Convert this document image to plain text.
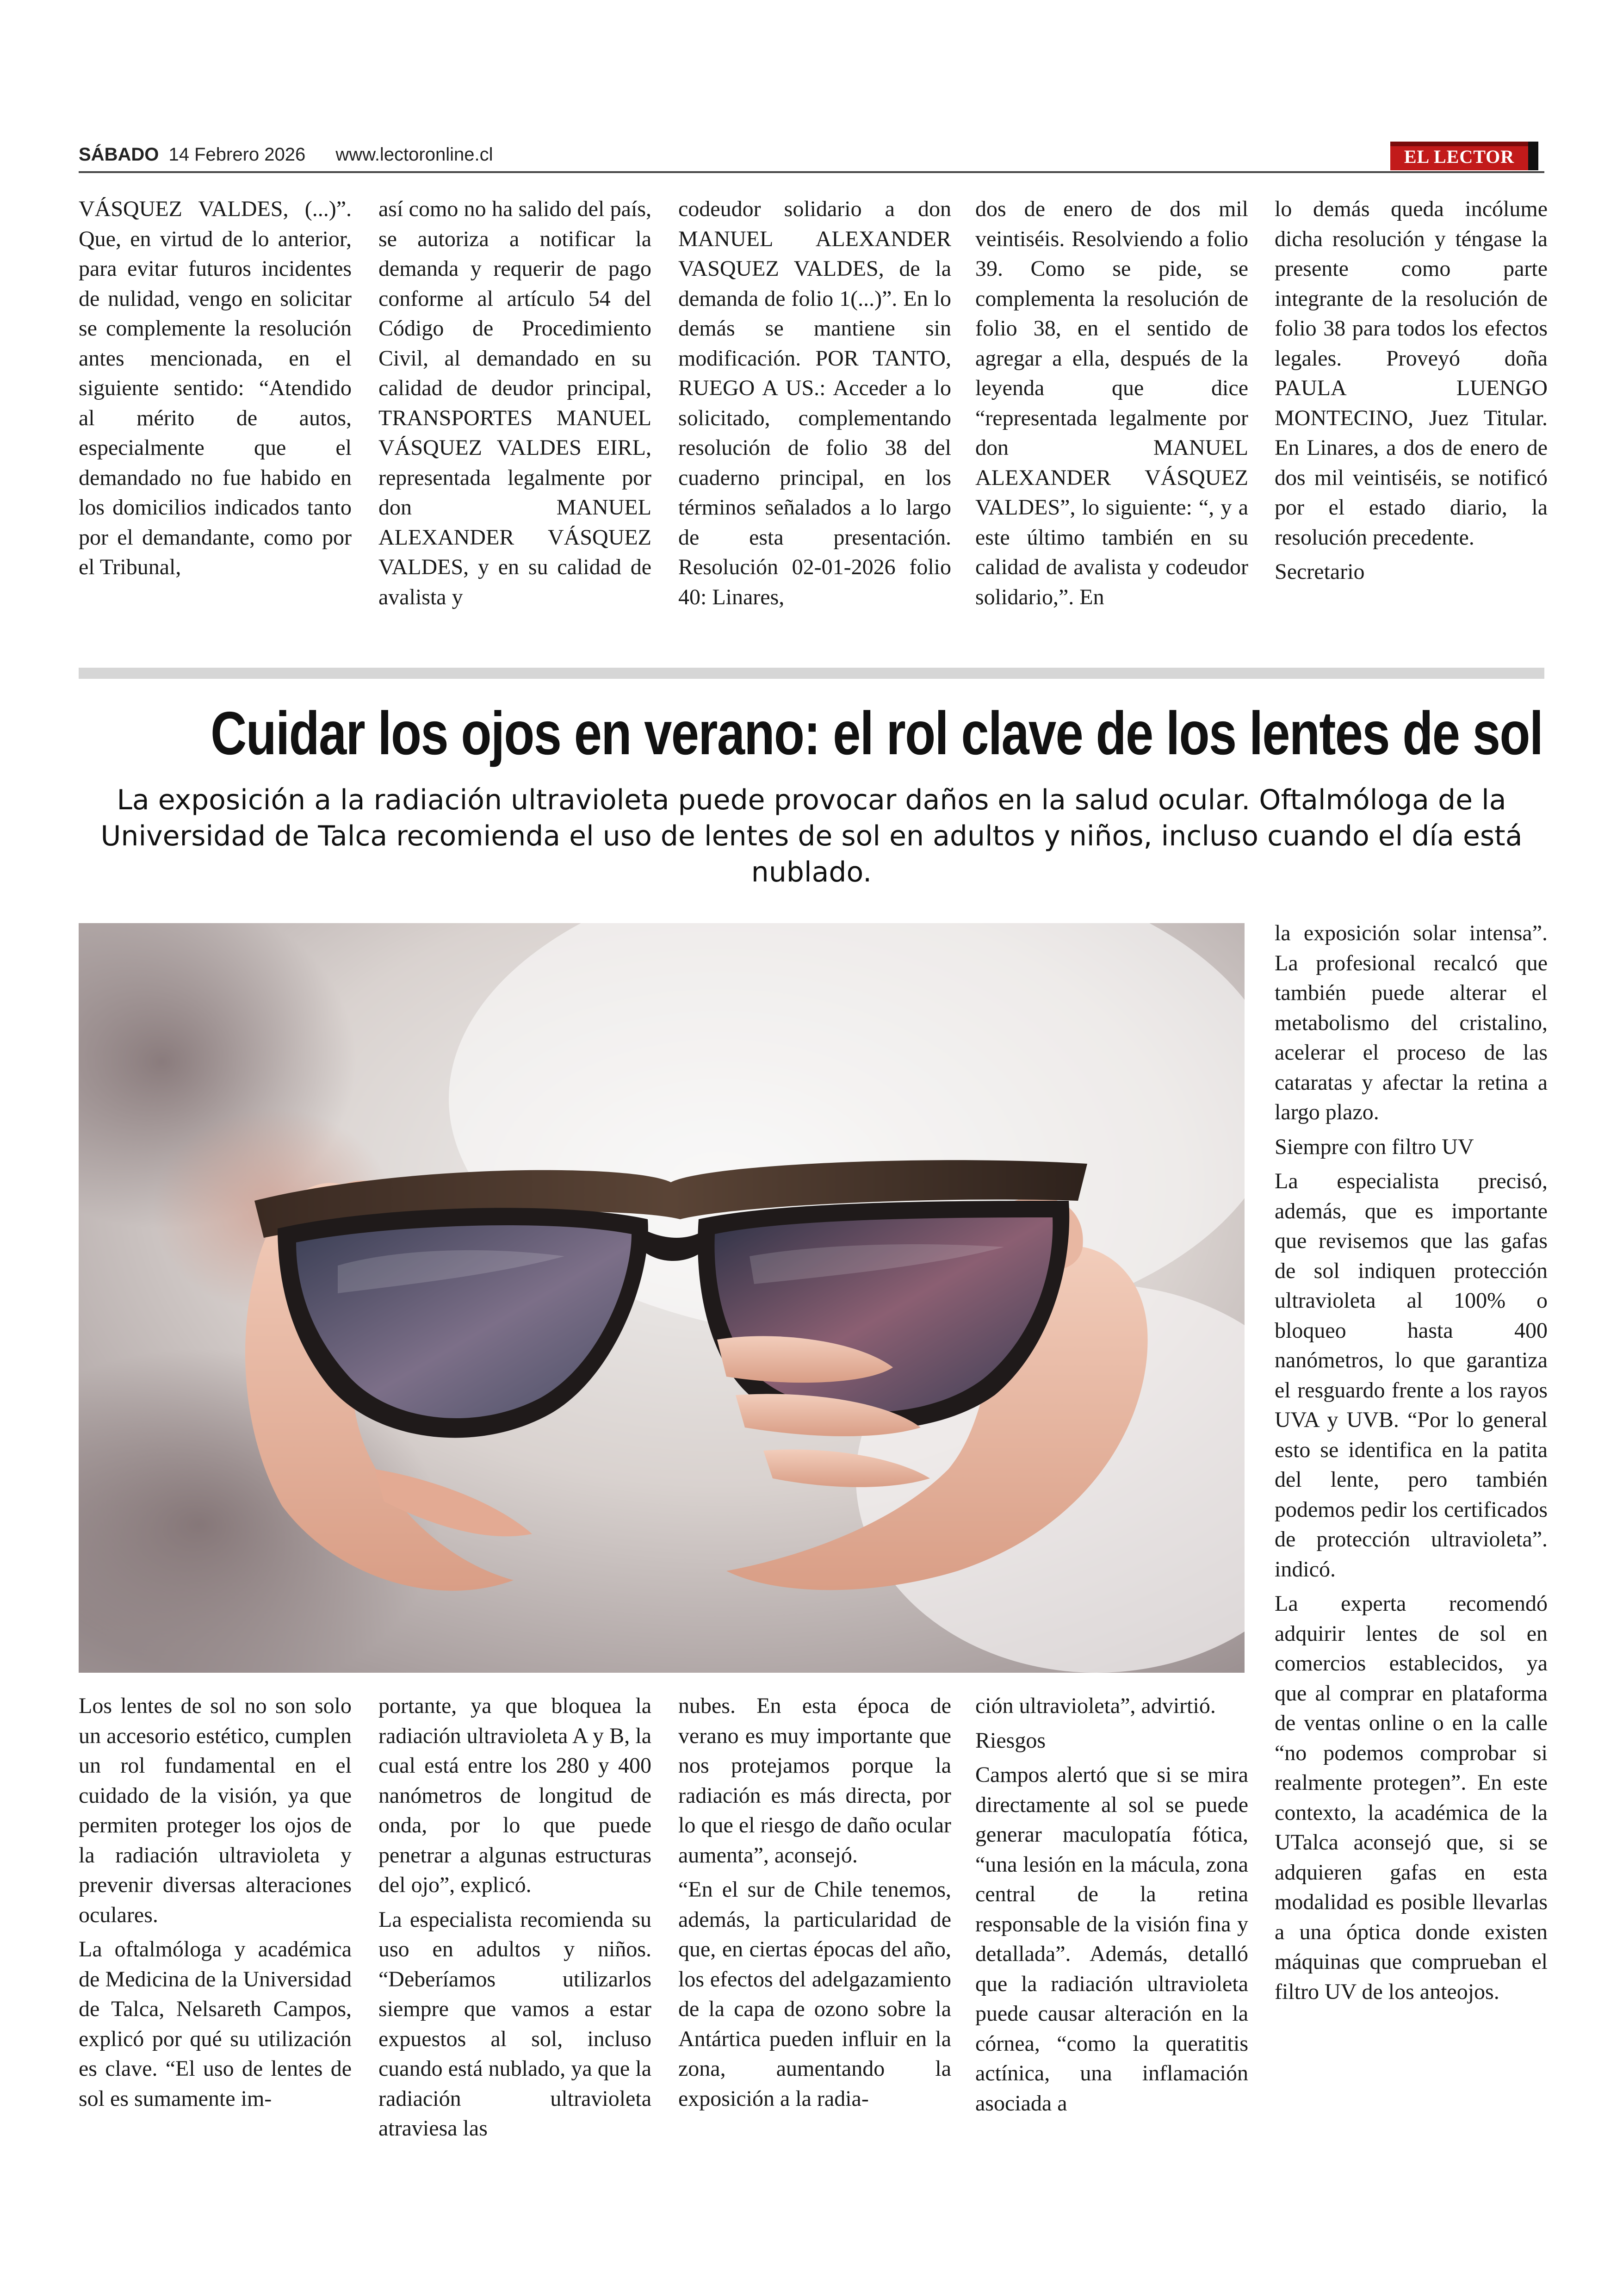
SÁBADO 14 Febrero 2026 www.lectoronline.cl	EL LECTOR

VÁSQUEZ VALDES, (...)”. Que, en virtud de lo anterior, para evitar futuros incidentes de nulidad, vengo en solicitar se complemente la resolución antes mencionada, en el siguiente sentido: “Atendido al mérito de autos, especialmente que el demandado no fue habido en los domicilios indicados tanto por el demandante, como por el Tribunal,

así como no ha salido del país, se autoriza a notificar la demanda y requerir de pago conforme al artículo 54 del Código de Procedimiento Civil, al demandado en su calidad de deudor principal, TRANSPORTES MANUEL VÁSQUEZ VALDES EIRL, representada legalmente por don MANUEL ALEXANDER VÁSQUEZ VALDES, y en su calidad de avalista y

codeudor solidario a don MANUEL ALEXANDER VASQUEZ VALDES, de la demanda de folio 1(...)”. En lo demás se mantiene sin modificación. POR TANTO, RUEGO A US.: Acceder a lo solicitado, complementando resolución de folio 38 del cuaderno principal, en los términos señalados a lo largo de esta presentación. Resolución 02-01-2026 folio 40: Linares,

dos de enero de dos mil veintiséis. Resolviendo a folio 39. Como se pide, se complementa la resolución de folio 38, en el sentido de agregar a ella, después de la leyenda que dice “representada legalmente por don MANUEL ALEXANDER VÁSQUEZ VALDES”, lo siguiente: “, y a este último también en su calidad de avalista y codeudor solidario,”. En

lo demás queda incólume dicha resolución y téngase la presente como parte integrante de la resolución de folio 38 para todos los efectos legales. Proveyó doña PAULA LUENGO MONTECINO, Juez Titular. En Linares, a dos de enero de dos mil veintiséis, se notificó por el estado diario, la resolución precedente.

Secretario

Cuidar los ojos en verano: el rol clave de los lentes de sol
La exposición a la radiación ultravioleta puede provocar daños en la salud ocular. Oftalmóloga de la Universidad de Talca recomienda el uso de lentes de sol en adultos y niños, incluso cuando el día está nublado.

la exposición solar intensa”. La profesional recalcó que también puede alterar el metabolismo del cristalino, acelerar el proceso de las cataratas y afectar la retina a largo plazo.

Siempre con filtro UV

La especialista precisó, además, que es importante que revisemos que las gafas de sol indiquen protección ultravioleta al 100% o bloqueo hasta 400 nanómetros, lo que garantiza el resguardo frente a los rayos UVA y UVB. “Por lo general esto se identifica en la patita del lente, pero también podemos pedir los certificados de protección ultravioleta”. indicó.

La experta recomendó adquirir lentes de sol en comercios establecidos, ya que al comprar en plataforma de ventas online o en la calle “no podemos comprobar si realmente protegen”. En este contexto, la académica de la UTalca aconsejó que, si se adquieren gafas en esta modalidad es posible llevarlas a una óptica donde existen máquinas que comprueban el filtro UV de los anteojos.

Los lentes de sol no son solo un accesorio estético, cumplen un rol fundamental en el cuidado de la visión, ya que permiten proteger los ojos de la radiación ultravioleta y prevenir diversas alteraciones oculares.

La oftalmóloga y académica de Medicina de la Universidad de Talca, Nelsareth Campos, explicó por qué su utilización es clave. “El uso de lentes de sol es sumamente im-

portante, ya que bloquea la radiación ultravioleta A y B, la cual está entre los 280 y 400 nanómetros de longitud de onda, por lo que puede penetrar a algunas estructuras del ojo”, explicó.

La especialista recomienda su uso en adultos y niños. “Deberíamos utilizarlos siempre que vamos a estar expuestos al sol, incluso cuando está nublado, ya que la radiación ultravioleta atraviesa las

nubes. En esta época de verano es muy importante que nos protejamos porque la radiación es más directa, por lo que el riesgo de daño ocular aumenta”, aconsejó.

“En el sur de Chile tenemos, además, la particularidad de que, en ciertas épocas del año, los efectos del adelgazamiento de la capa de ozono sobre la Antártica pueden influir en la zona, aumentando la exposición a la radia-

ción ultravioleta”, advirtió.

Riesgos

Campos alertó que si se mira directamente al sol se puede generar maculopatía fótica, “una lesión en la mácula, zona central de la retina responsable de la visión fina y detallada”. Además, detalló que la radiación ultravioleta puede causar alteración en la córnea, “como la queratitis actínica, una inflamación asociada a
